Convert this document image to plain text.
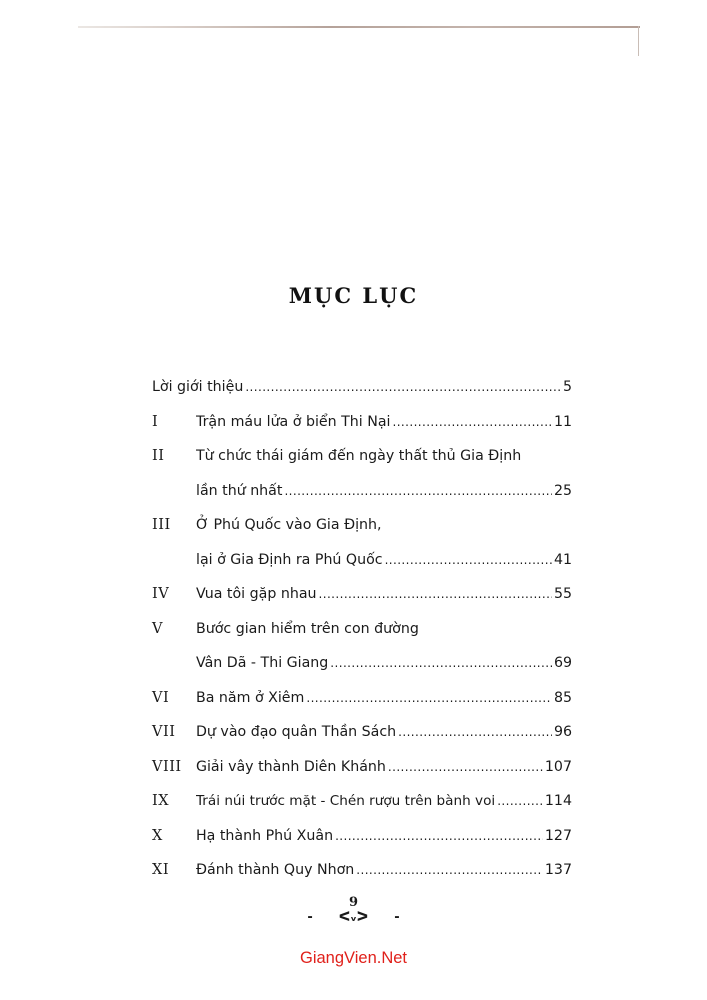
MỤC LỤC
Lời giới thiệu .....	5
I	Trận máu lửa ở biển Thi Nại .....	11
II	Từ chức thái giám đến ngày thất thủ Gia Định
lần thứ nhất .....	25
III	Ở Phú Quốc vào Gia Định,
lại ở Gia Định ra Phú Quốc .....	41
IV	Vua tôi gặp nhau .....	55
V	Bước gian hiểm trên con đường
Vân Dã - Thi Giang .....	69
VI	Ba năm ở Xiêm .....	85
VII	Dự vào đạo quân Thần Sách .....	96
VIII	Giải vây thành Diên Khánh .....	107
IX	Trái núi trước mặt - Chén rượu trên bành voi .....	114
X	Hạ thành Phú Xuân .....	127
XI	Đánh thành Quy Nhơn .....	137
9
- ᐸᵥᐳ -
GiangVien.Net
